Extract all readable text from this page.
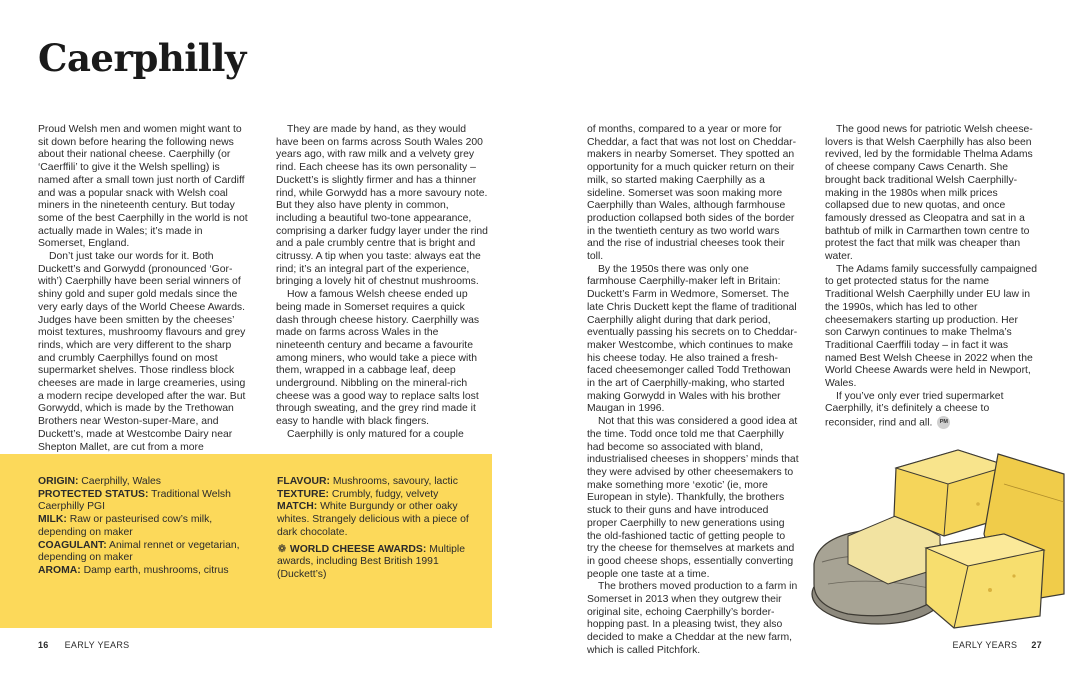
Caerphilly

Proud Welsh men and women might want to sit down before hearing the following news about their national cheese. Caerphilly (or ‘Caerffili’ to give it the Welsh spelling) is named after a small town just north of Cardiff and was a popular snack with Welsh coal miners in the nineteenth century. But today some of the best Caerphilly in the world is not actually made in Wales; it’s made in Somerset, England.

Don’t just take our words for it. Both Duckett’s and Gorwydd (pronounced ‘Gor-with’) Caerphilly have been serial winners of shiny gold and super gold medals since the very early days of the World Cheese Awards. Judges have been smitten by the cheeses’ moist textures, mushroomy flavours and grey rinds, which are very different to the sharp and crumbly Caerphillys found on most supermarket shelves. Those rindless block cheeses are made in large creameries, using a modern recipe developed after the war. But Gorwydd, which is made by the Trethowan Brothers near Weston-super-Mare, and Duckett’s, made at Westcombe Dairy near Shepton Mallet, are cut from a more

They are made by hand, as they would have been on farms across South Wales 200 years ago, with raw milk and a velvety grey rind. Each cheese has its own personality – Duckett’s is slightly firmer and has a thinner rind, while Gorwydd has a more savoury note. But they also have plenty in common, including a beautiful two-tone appearance, comprising a darker fudgy layer under the rind and a pale crumbly centre that is bright and citrussy. A tip when you taste: always eat the rind; it’s an integral part of the experience, bringing a lovely hit of chestnut mushrooms.

How a famous Welsh cheese ended up being made in Somerset requires a quick dash through cheese history. Caerphilly was made on farms across Wales in the nineteenth century and became a favourite among miners, who would take a piece with them, wrapped in a cabbage leaf, deep underground. Nibbling on the mineral-rich cheese was a good way to replace salts lost through sweating, and the grey rind made it easy to handle with black fingers.

Caerphilly is only matured for a couple

of months, compared to a year or more for Cheddar, a fact that was not lost on Cheddar-makers in nearby Somerset. They spotted an opportunity for a much quicker return on their milk, so started making Caerphilly as a sideline. Somerset was soon making more Caerphilly than Wales, although farmhouse production collapsed both sides of the border in the twentieth century as two world wars and the rise of industrial cheeses took their toll.

By the 1950s there was only one farmhouse Caerphilly-maker left in Britain: Duckett’s Farm in Wedmore, Somerset. The late Chris Duckett kept the flame of traditional Caerphilly alight during that dark period, eventually passing his secrets on to Cheddar-maker Westcombe, which continues to make his cheese today. He also trained a fresh-faced cheesemonger called Todd Trethowan in the art of Caerphilly-making, who started making Gorwydd in Wales with his brother Maugan in 1996.

Not that this was considered a good idea at the time. Todd once told me that Caerphilly had become so associated with bland, industrialised cheeses in shoppers’ minds that they were advised by other cheesemakers to make something more ‘exotic’ (ie, more European in style). Thankfully, the brothers stuck to their guns and have introduced proper Caerphilly to new generations using the old-fashioned tactic of getting people to try the cheese for themselves at markets and in good cheese shops, essentially converting people one taste at a time.

The brothers moved production to a farm in Somerset in 2013 when they outgrew their original site, echoing Caerphilly’s border-hopping past. In a pleasing twist, they also decided to make a Cheddar at the new farm, which is called Pitchfork.

The good news for patriotic Welsh cheese-lovers is that Welsh Caerphilly has also been revived, led by the formidable Thelma Adams of cheese company Caws Cenarth. She brought back traditional Welsh Caerphilly-making in the 1980s when milk prices collapsed due to new quotas, and once famously dressed as Cleopatra and sat in a bathtub of milk in Carmarthen town centre to protest the fact that milk was cheaper than water.

The Adams family successfully campaigned to get protected status for the name Traditional Welsh Caerphilly under EU law in the 1990s, which has led to other cheesemakers starting up production. Her son Carwyn continues to make Thelma’s Traditional Caerffili today – in fact it was named Best Welsh Cheese in 2022 when the World Cheese Awards were held in Newport, Wales.

If you’ve only ever tried supermarket Caerphilly, it’s definitely a cheese to reconsider, rind and all. PM

ORIGIN: Caerphilly, Wales

PROTECTED STATUS: Traditional Welsh Caerphilly PGI

MILK: Raw or pasteurised cow’s milk, depending on maker

COAGULANT: Animal rennet or vegetarian, depending on maker

AROMA: Damp earth, mushrooms, citrus

FLAVOUR: Mushrooms, savoury, lactic

TEXTURE: Crumbly, fudgy, velvety

MATCH: White Burgundy or other oaky whites. Strangely delicious with a piece of dark chocolate.

❁ WORLD CHEESE AWARDS: Multiple awards, including Best British 1991 (Duckett’s)

16 EARLY YEARS	EARLY YEARS 27
